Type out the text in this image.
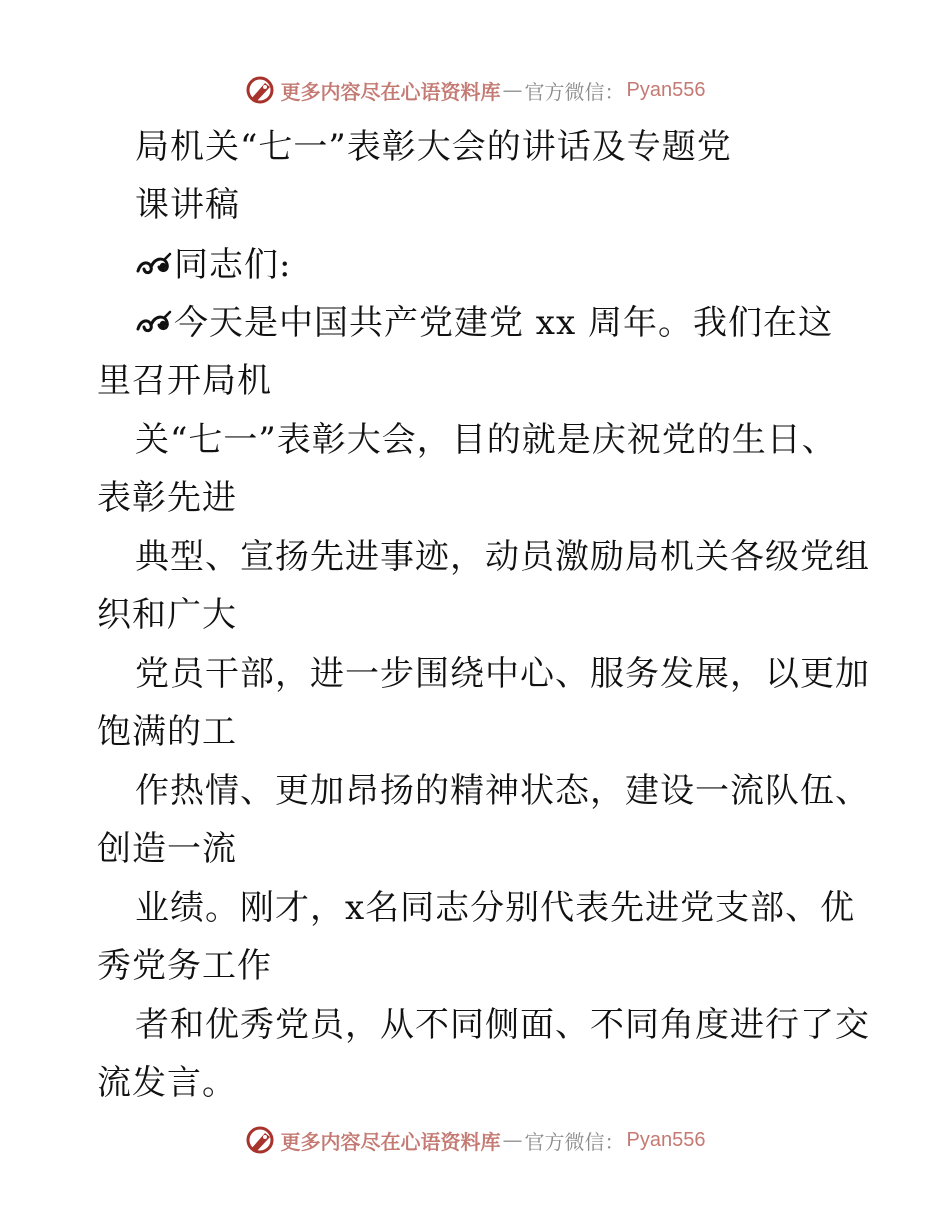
更多内容尽在心语资料库 — 官方微信： Pyan556
局机关“七一”表彰大会的讲话及专题党
课讲稿
同志们:
今天是中国共产党建党 xx 周年。我们在这
里召开局机
关“七一”表彰大会，目的就是庆祝党的生日、
表彰先进
典型、宣扬先进事迹，动员激励局机关各级党组
织和广大
党员干部，进一步围绕中心、服务发展，以更加
饱满的工
作热情、更加昂扬的精神状态，建设一流队伍、
创造一流
业绩。刚才，x名同志分别代表先进党支部、优
秀党务工作
者和优秀党员，从不同侧面、不同角度进行了交
流发言。
更多内容尽在心语资料库 — 官方微信： Pyan556
